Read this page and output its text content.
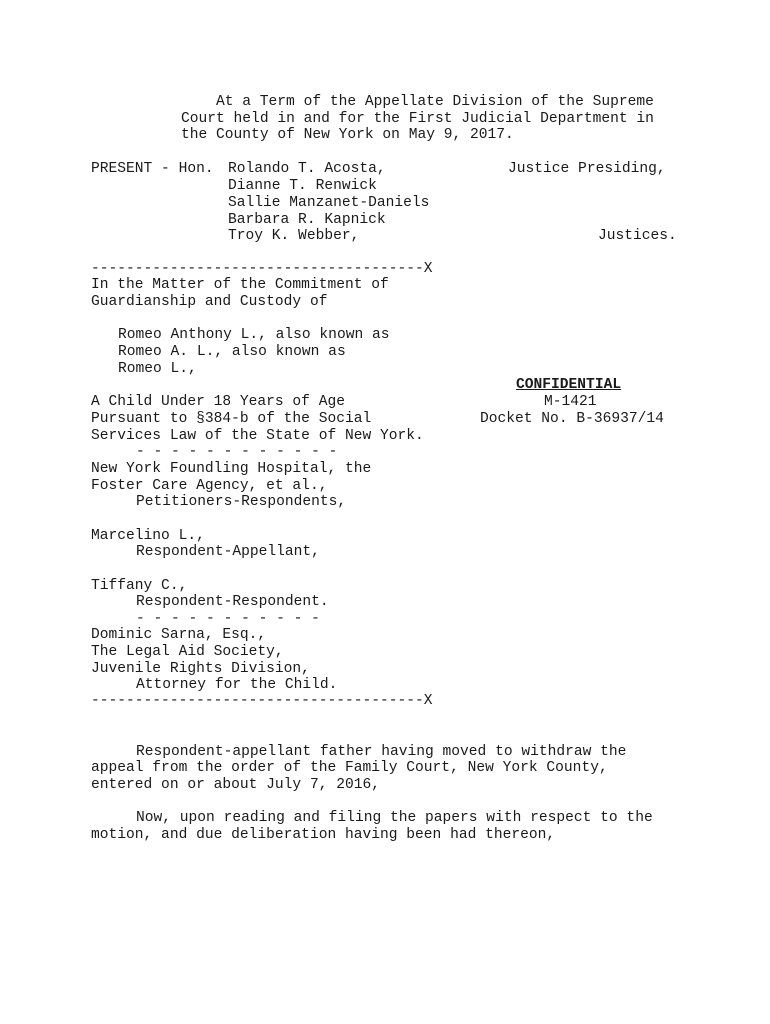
At a Term of the Appellate Division of the Supreme
Court held in and for the First Judicial Department in
the County of New York on May 9, 2017.
PRESENT - Hon. Rolando T. Acosta,
Dianne T. Renwick
Sallie Manzanet-Daniels
Barbara R. Kapnick
Troy K. Webber,
Justice Presiding,
Justices.
--------------------------------------X
In the Matter of the Commitment of
Guardianship and Custody of
Romeo Anthony L., also known as
Romeo A. L., also known as
Romeo L.,
CONFIDENTIAL
M-1421
Docket No. B-36937/14
A Child Under 18 Years of Age
Pursuant to §384-b of the Social
Services Law of the State of New York.
- - - - - - - - - - - -
New York Foundling Hospital, the
Foster Care Agency, et al.,
Petitioners-Respondents,
Marcelino L.,
Respondent-Appellant,
Tiffany C.,
Respondent-Respondent.
- - - - - - - - - - -
Dominic Sarna, Esq.,
The Legal Aid Society,
Juvenile Rights Division,
Attorney for the Child.
--------------------------------------X
Respondent-appellant father having moved to withdraw the
appeal from the order of the Family Court, New York County,
entered on or about July 7, 2016,
Now, upon reading and filing the papers with respect to the
motion, and due deliberation having been had thereon,
